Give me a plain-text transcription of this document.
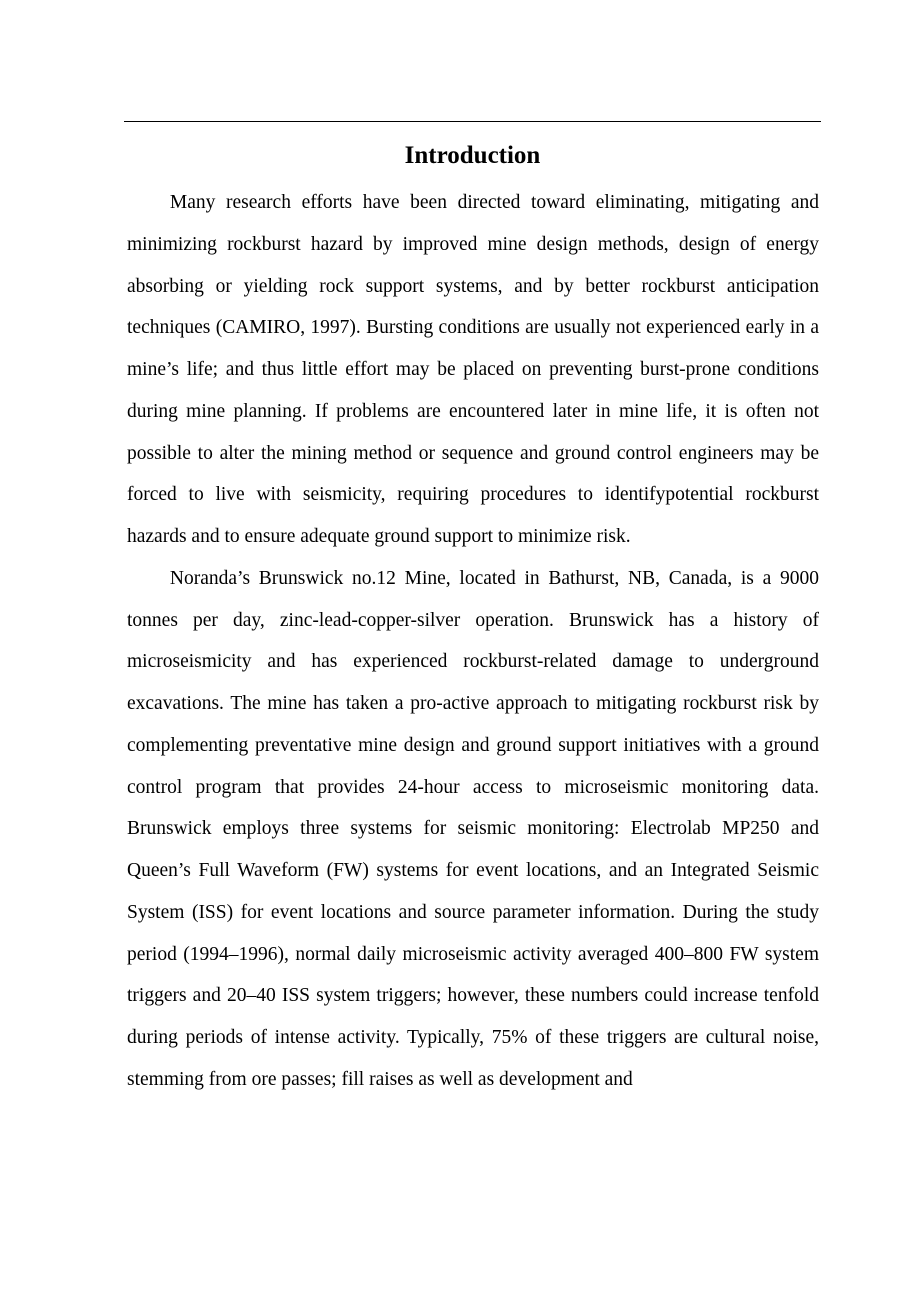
Introduction

Many research efforts have been directed toward eliminating, mitigating and minimizing rockburst hazard by improved mine design methods, design of energy absorbing or yielding rock support systems, and by better rockburst anticipation techniques (CAMIRO, 1997). Bursting conditions are usually not experienced early in a mine’s life; and thus little effort may be placed on preventing burst-prone conditions during mine planning. If problems are encountered later in mine life, it is often not possible to alter the mining method or sequence and ground control engineers may be forced to live with seismicity, requiring procedures to identifypotential rockburst hazards and to ensure adequate ground support to minimize risk.

Noranda’s Brunswick no.12 Mine, located in Bathurst, NB, Canada, is a 9000 tonnes per day, zinc-lead-copper-silver operation. Brunswick has a history of microseismicity and has experienced rockburst-related damage to underground excavations. The mine has taken a pro-active approach to mitigating rockburst risk by complementing preventative mine design and ground support initiatives with a ground control program that provides 24-hour access to microseismic monitoring data. Brunswick employs three systems for seismic monitoring: Electrolab MP250 and Queen’s Full Waveform (FW) systems for event locations, and an Integrated Seismic System (ISS) for event locations and source parameter information. During the study period (1994–1996), normal daily microseismic activity averaged 400–800 FW system triggers and 20–40 ISS system triggers; however, these numbers could increase tenfold during periods of intense activity. Typically, 75% of these triggers are cultural noise, stemming from ore passes; fill raises as well as development and
